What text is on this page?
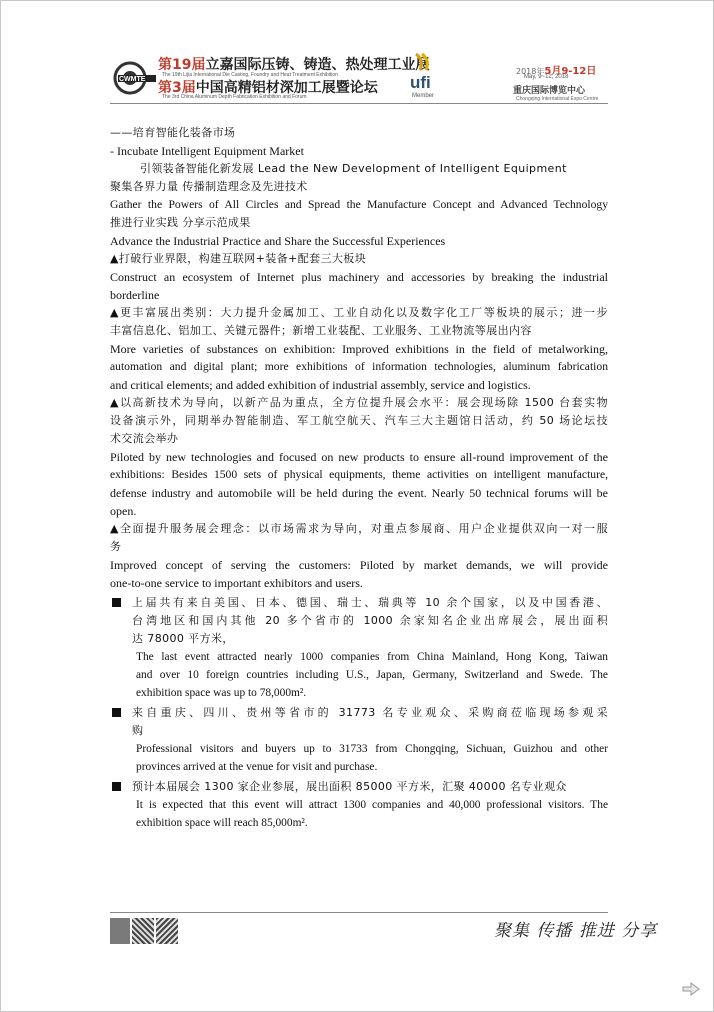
CWMTE
第19届立嘉国际压铸、铸造、热处理工业展
The 19th Lijia International Die Casting, Foundry and Heat Treatment Exhibition
第3届中国高精铝材深加工展暨论坛
The 3rd China Aluminum Depth Fabrication Exhibition and Forum
ufi
Member
2018年5月9-12日
May, 9~12, 2018
重庆国际博览中心
Chongqing International Expo Centre
——培育智能化装备市场
- Incubate Intelligent Equipment Market
引领装备智能化新发展 Lead the New Development of Intelligent Equipment
聚集各界力量 传播制造理念及先进技术
Gather the Powers of All Circles and Spread the Manufacture Concept and Advanced Technology
推进行业实践 分享示范成果
Advance the Industrial Practice and Share the Successful Experiences
▲打破行业界限，构建互联网+装备+配套三大板块
Construct an ecosystem of Internet plus machinery and accessories by breaking the industrial
borderline
▲更丰富展出类别：大力提升金属加工、工业自动化以及数字化工厂等板块的展示；进一步
丰富信息化、铝加工、关键元器件；新增工业装配、工业服务、工业物流等展出内容
More varieties of substances on exhibition: Improved exhibitions in the field of metalworking,
automation and digital plant; more exhibitions of information technologies, aluminum fabrication
and critical elements; and added exhibition of industrial assembly, service and logistics.
▲以高新技术为导向，以新产品为重点，全方位提升展会水平：展会现场除 1500 台套实物
设备演示外，同期举办智能制造、军工航空航天、汽车三大主题馆日活动，约 50 场论坛技
术交流会举办
Piloted by new technologies and focused on new products to ensure all-round improvement of the
exhibitions: Besides 1500 sets of physical equipments, theme activities on intelligent manufacture,
defense industry and automobile will be held during the event. Nearly 50 technical forums will be
open.
▲全面提升服务展会理念：以市场需求为导向，对重点参展商、用户企业提供双向一对一服
务
Improved concept of serving the customers: Piloted by market demands, we will provide
one-to-one service to important exhibitors and users.
上届共有来自美国、日本、德国、瑞士、瑞典等 10 余个国家，以及中国香港、
台湾地区和国内其他 20 多个省市的 1000 余家知名企业出席展会，展出面积
达 78000 平方米，
The last event attracted nearly 1000 companies from China Mainland, Hong Kong, Taiwan
and over 10 foreign countries including U.S., Japan, Germany, Switzerland and Swede. The
exhibition space was up to 78,000m².
来自重庆、四川、贵州等省市的 31773 名专业观众、采购商莅临现场参观采
购
Professional visitors and buyers up to 31733 from Chongqing, Sichuan, Guizhou and other
provinces arrived at the venue for visit and purchase.
预计本届展会 1300 家企业参展，展出面积 85000 平方米，汇聚 40000 名专业观众
It is expected that this event will attract 1300 companies and 40,000 professional visitors. The
exhibition space will reach 85,000m².
聚集 传播 推进 分享
